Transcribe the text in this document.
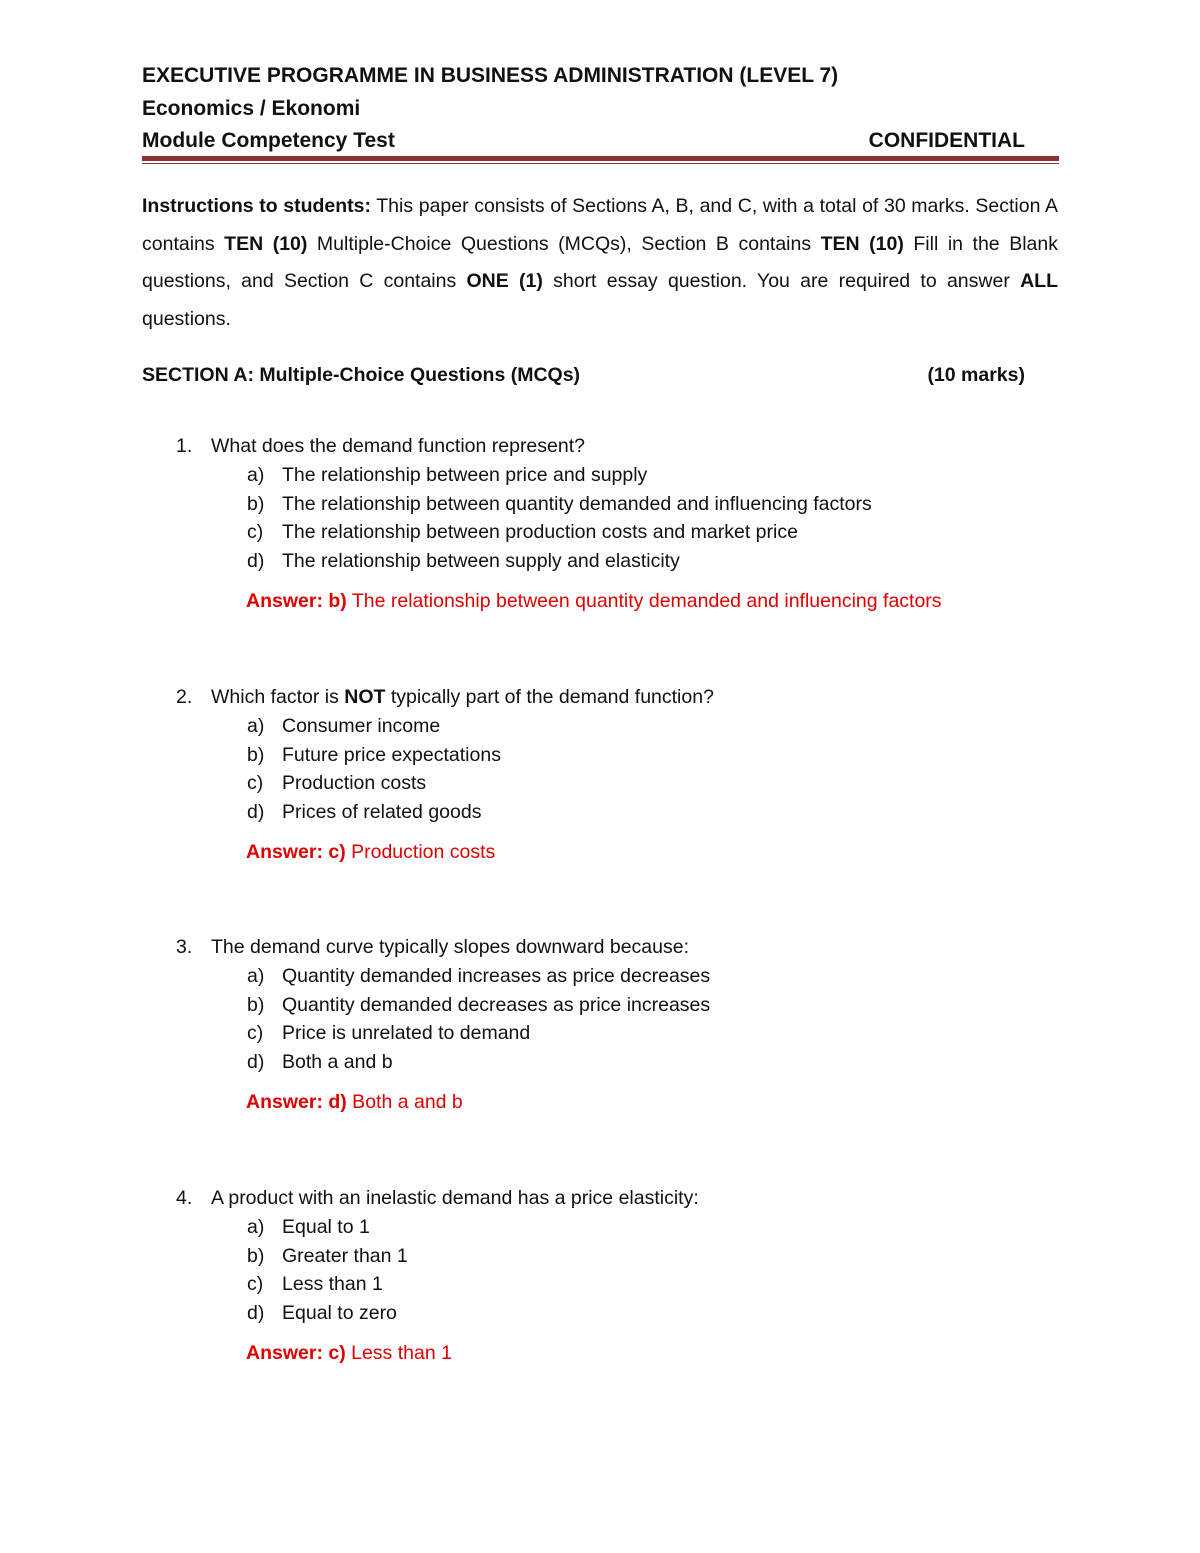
EXECUTIVE PROGRAMME IN BUSINESS ADMINISTRATION (LEVEL 7)
Economics / Ekonomi
Module Competency Test	CONFIDENTIAL
Instructions to students: This paper consists of Sections A, B, and C, with a total of 30 marks. Section A contains TEN (10) Multiple-Choice Questions (MCQs), Section B contains TEN (10) Fill in the Blank questions, and Section C contains ONE (1) short essay question. You are required to answer ALL questions.
SECTION A: Multiple-Choice Questions (MCQs)	(10 marks)
1. What does the demand function represent?
a) The relationship between price and supply
b) The relationship between quantity demanded and influencing factors
c) The relationship between production costs and market price
d) The relationship between supply and elasticity
Answer: b) The relationship between quantity demanded and influencing factors
2. Which factor is NOT typically part of the demand function?
a) Consumer income
b) Future price expectations
c) Production costs
d) Prices of related goods
Answer: c) Production costs
3. The demand curve typically slopes downward because:
a) Quantity demanded increases as price decreases
b) Quantity demanded decreases as price increases
c) Price is unrelated to demand
d) Both a and b
Answer: d) Both a and b
4. A product with an inelastic demand has a price elasticity:
a) Equal to 1
b) Greater than 1
c) Less than 1
d) Equal to zero
Answer: c) Less than 1
